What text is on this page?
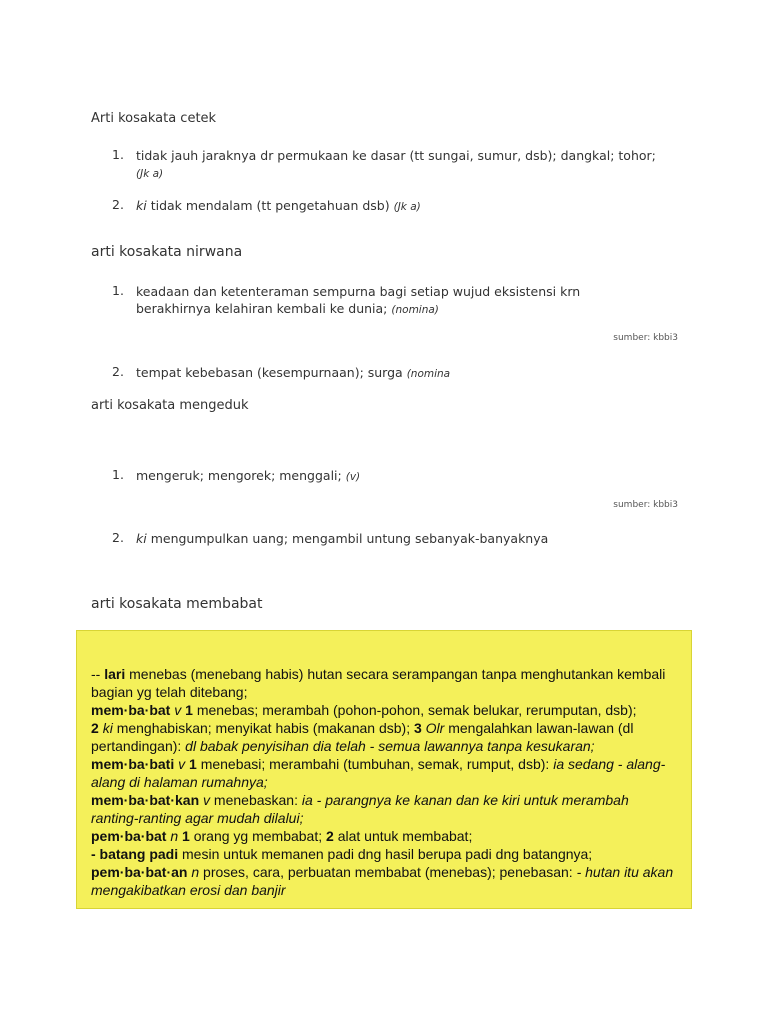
Arti kosakata cetek
1. tidak jauh jaraknya dr permukaan ke dasar (tt sungai, sumur, dsb); dangkal; tohor; (Jk a)
2. ki tidak mendalam (tt pengetahuan dsb) (Jk a)
arti kosakata nirwana
1. keadaan dan ketenteraman sempurna bagi setiap wujud eksistensi krn berakhirnya kelahiran kembali ke dunia; (nomina)
sumber: kbbi3
2. tempat kebebasan (kesempurnaan); surga (nomina
arti kosakata mengeduk
1. mengeruk; mengorek; menggali; (v)
sumber: kbbi3
2. ki mengumpulkan uang; mengambil untung sebanyak-banyaknya
arti kosakata membabat
-- lari menebas (menebang habis) hutan secara serampangan tanpa menghutankan kembali bagian yg telah ditebang;
mem·ba·bat v 1 menebas; merambah (pohon-pohon, semak belukar, rerumputan, dsb);
2 ki menghabiskan; menyikat habis (makanan dsb); 3 Olr mengalahkan lawan-lawan (dl pertandingan): dl babak penyisihan dia telah - semua lawannya tanpa kesukaran;
mem·ba·bati v 1 menebasi; merambahi (tumbuhan, semak, rumput, dsb): ia sedang - alang-alang di halaman rumahnya;
mem·ba·bat·kan v menebaskan: ia - parangnya ke kanan dan ke kiri untuk merambah ranting-ranting agar mudah dilalui;
pem·ba·bat n 1 orang yg membabat; 2 alat untuk membabat;
- batang padi mesin untuk memanen padi dng hasil berupa padi dng batangnya;
pem·ba·bat·an n proses, cara, perbuatan membabat (menebas); penebasan: - hutan itu akan mengakibatkan erosi dan banjir
